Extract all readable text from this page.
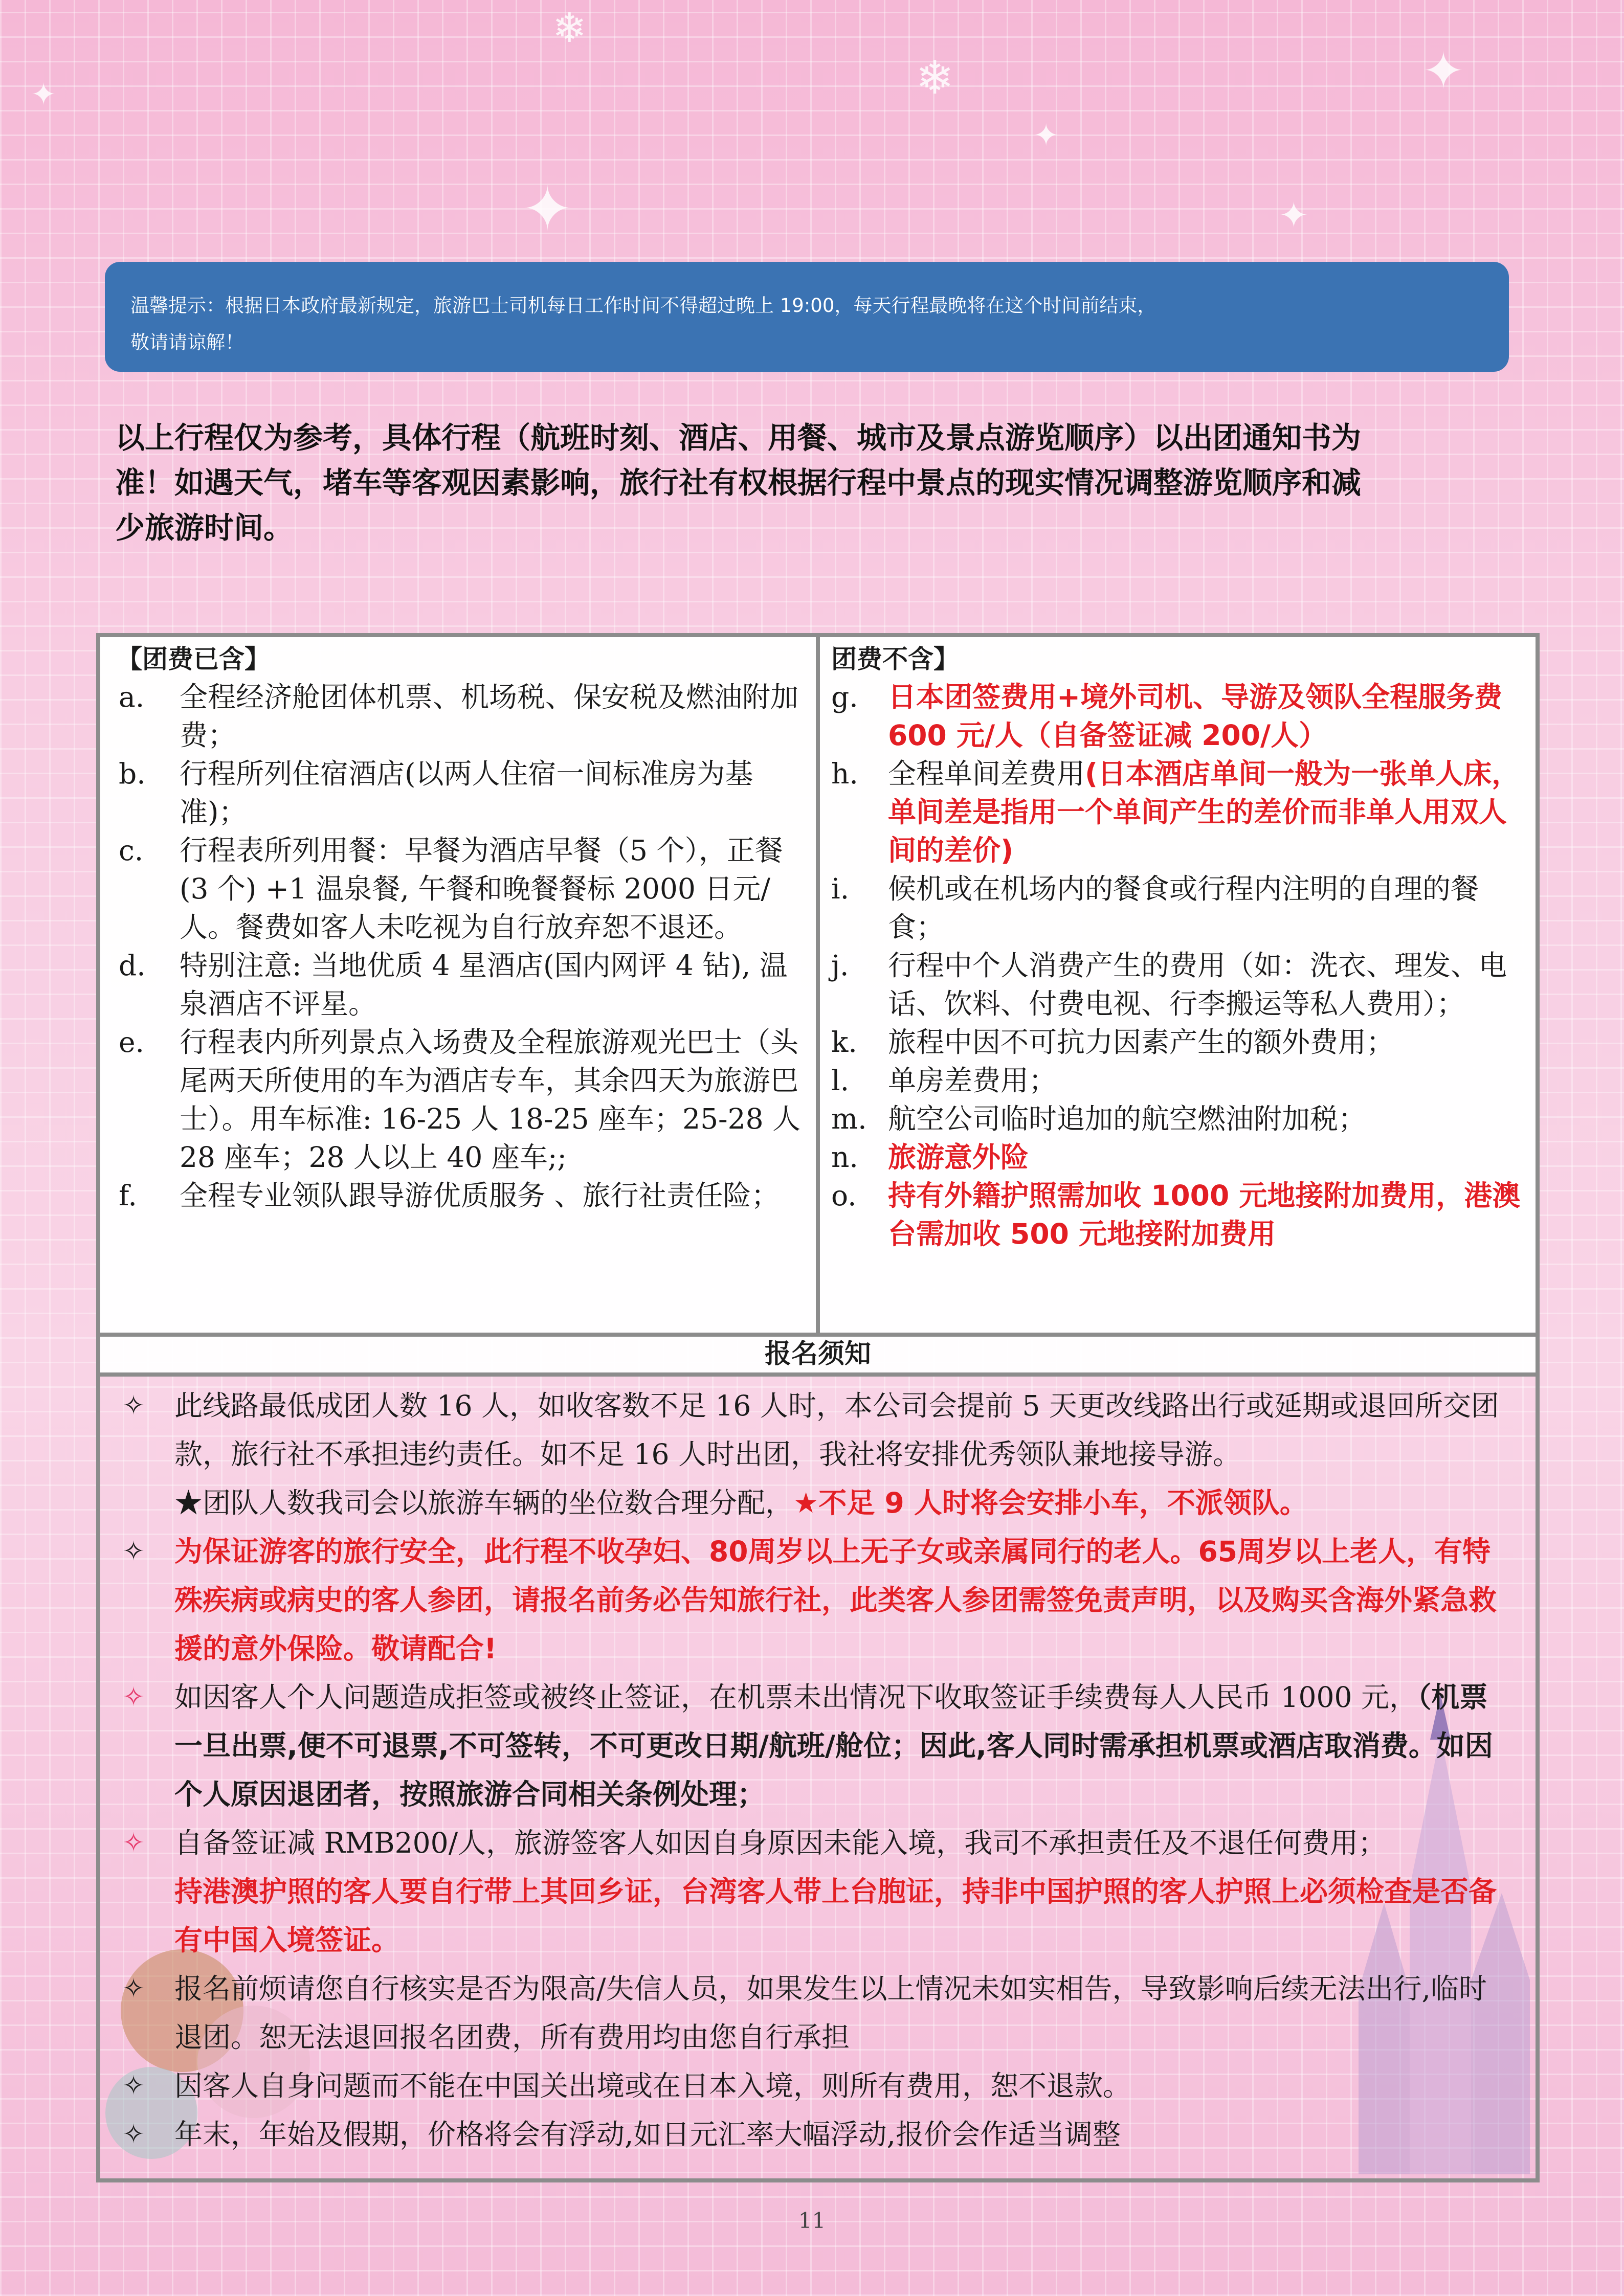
❄
❄
✦
✦
✦	✦
✦
温馨提示：根据日本政府最新规定，旅游巴士司机每日工作时间不得超过晚上 19:00，每天行程最晚将在这个时间前结束，
敬请请谅解！
以上行程仅为参考，具体行程（航班时刻、酒店、用餐、城市及景点游览顺序）以出团通知书为
准！如遇天气，堵车等客观因素影响，旅行社有权根据行程中景点的现实情况调整游览顺序和减
少旅游时间。
【团费已含】
a. 全程经济舱团体机票、机场税、保安税及燃油附加费；
b. 行程所列住宿酒店(以两人住宿一间标准房为基准)；
c. 行程表所列用餐：早餐为酒店早餐（5 个），正餐 (3 个) +1 温泉餐, 午餐和晚餐餐标 2000 日元/人。餐费如客人未吃视为自行放弃恕不退还。
d. 特别注意: 当地优质 4 星酒店(国内网评 4 钻), 温泉酒店不评星。
e. 行程表内所列景点入场费及全程旅游观光巴士（头尾两天所使用的车为酒店专车，其余四天为旅游巴士）。用车标准: 16-25 人 18-25 座车；25-28 人 28 座车；28 人以上 40 座车;;
f. 全程专业领队跟导游优质服务 、旅行社责任险；
团费不含】
g. 日本团签费用+境外司机、导游及领队全程服务费 600 元/人（自备签证减 200/人）
h. 全程单间差费用(日本酒店单间一般为一张单人床，单间差是指用一个单间产生的差价而非单人用双人间的差价)
i. 候机或在机场内的餐食或行程内注明的自理的餐食；
j. 行程中个人消费产生的费用（如：洗衣、理发、电话、饮料、付费电视、行李搬运等私人费用）；
k. 旅程中因不可抗力因素产生的额外费用；
l. 单房差费用；
m. 航空公司临时追加的航空燃油附加税；
n. 旅游意外险
o. 持有外籍护照需加收 1000 元地接附加费用，港澳台需加收 500 元地接附加费用
报名须知
✧ 此线路最低成团人数 16 人，如收客数不足 16 人时，本公司会提前 5 天更改线路出行或延期或退回所交团款，旅行社不承担违约责任。如不足 16 人时出团，我社将安排优秀领队兼地接导游。
★团队人数我司会以旅游车辆的坐位数合理分配，★不足 9 人时将会安排小车，不派领队。
✧ 为保证游客的旅行安全，此行程不收孕妇、80周岁以上无子女或亲属同行的老人。65周岁以上老人，有特殊疾病或病史的客人参团，请报名前务必告知旅行社，此类客人参团需签免责声明，以及购买含海外紧急救援的意外保险。敬请配合!
✧ 如因客人个人问题造成拒签或被终止签证，在机票未出情况下收取签证手续费每人人民币 1000 元，（机票一旦出票,便不可退票,不可签转，不可更改日期/航班/舱位；因此,客人同时需承担机票或酒店取消费。如因个人原因退团者，按照旅游合同相关条例处理；
✧ 自备签证减 RMB200/人，旅游签客人如因自身原因未能入境，我司不承担责任及不退任何费用；
持港澳护照的客人要自行带上其回乡证，台湾客人带上台胞证，持非中国护照的客人护照上必须检查是否备有中国入境签证。
✧ 报名前烦请您自行核实是否为限高/失信人员，如果发生以上情况未如实相告，导致影响后续无法出行,临时退团。恕无法退回报名团费，所有费用均由您自行承担
✧ 因客人自身问题而不能在中国关出境或在日本入境，则所有费用，恕不退款。
✧ 年末，年始及假期，价格将会有浮动,如日元汇率大幅浮动,报价会作适当调整
11
